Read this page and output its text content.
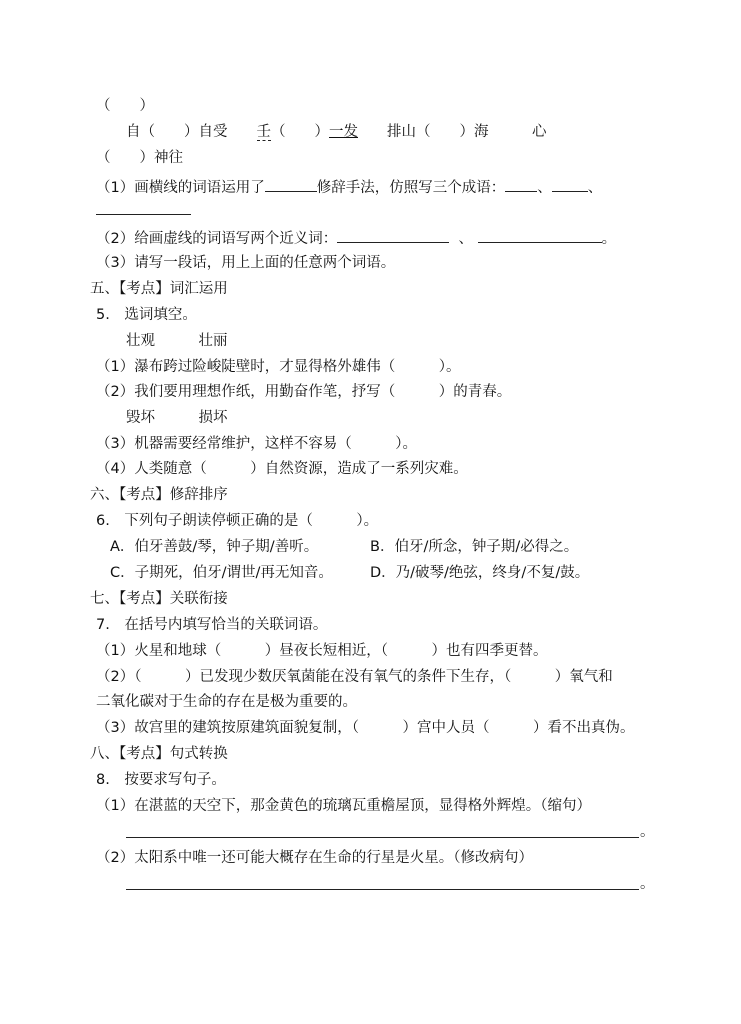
（　　）
自（　　）自受　　壬（　　）一发　　排山（　　）海　　　心
（　　）神往
（1）画横线的词语运用了	修辞手法，仿照写三个成语： 、 、
（2）给画虚线的词语写两个近义词：	、	。
（3）请写一段话，用上上面的任意两个词语。
五、【考点】词汇运用
5.　选词填空。
壮观　　　壮丽
（1）瀑布跨过险峻陡壁时，才显得格外雄伟（　　　）。
（2）我们要用理想作纸，用勤奋作笔，抒写（　　　）的青春。
毁坏　　　损坏
（3）机器需要经常维护，这样不容易（　　　）。
（4）人类随意（　　　）自然资源，造成了一系列灾难。
六、【考点】修辞排序
6.　下列句子朗读停顿正确的是（　　　）。
A．伯牙善鼓/琴，钟子期/善听。	B．伯牙/所念，钟子期/必得之。
C．子期死，伯牙/谓世/再无知音。	D．乃/破琴/绝弦，终身/不复/鼓。
七、【考点】关联衔接
7.　在括号内填写恰当的关联词语。
（1）火星和地球（　　　）昼夜长短相近，（　　　）也有四季更替。
（2）（　　　）已发现少数厌氧菌能在没有氧气的条件下生存，（　　　）氧气和
二氧化碳对于生命的存在是极为重要的。
（3）故宫里的建筑按原建筑面貌复制，（　　　）宫中人员（　　　）看不出真伪。
八、【考点】句式转换
8.　按要求写句子。
（1）在湛蓝的天空下，那金黄色的琉璃瓦重檐屋顶，显得格外辉煌。（缩句）
。
（2）太阳系中唯一还可能大概存在生命的行星是火星。（修改病句）
。
